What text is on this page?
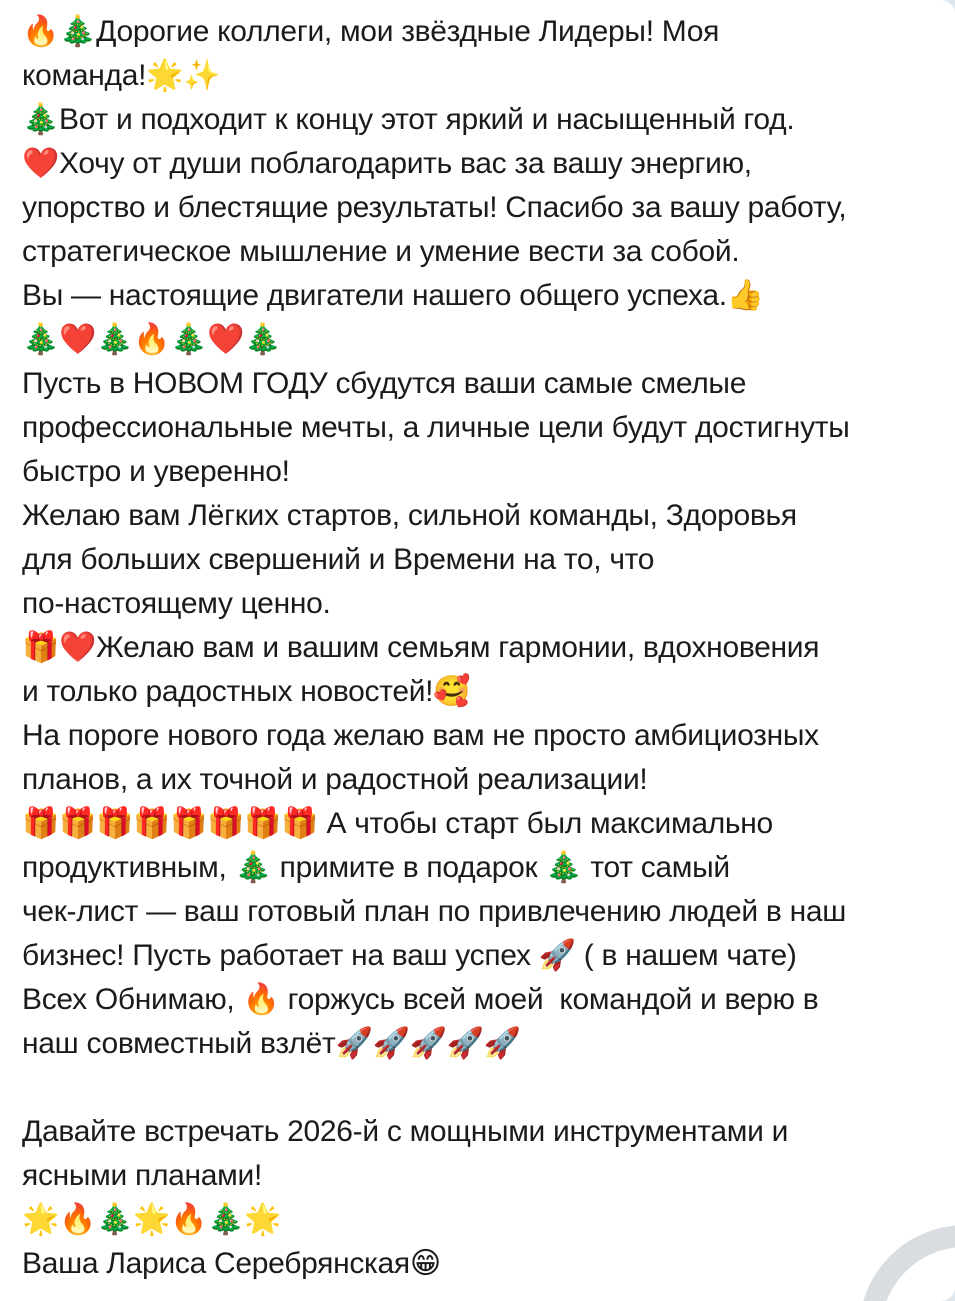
🔥🎄Дорогие коллеги, мои звёздные Лидеры! Моя
команда!🌟✨
🎄Вот и подходит к концу этот яркий и насыщенный год.
❤️Хочу от души поблагодарить вас за вашу энергию,
упорство и блестящие результаты! Спасибо за вашу работу,
стратегическое мышление и умение вести за собой.
Вы — настоящие двигатели нашего общего успеха.👍
🎄❤️🎄🔥🎄❤️🎄
Пусть в НОВОМ ГОДУ сбудутся ваши самые смелые
профессиональные мечты, а личные цели будут достигнуты
быстро и уверенно!
Желаю вам Лёгких стартов, сильной команды, Здоровья
для больших свершений и Времени на то, что
по-настоящему ценно.
🎁❤️Желаю вам и вашим семьям гармонии, вдохновения
и только радостных новостей!🥰
На пороге нового года желаю вам не просто амбициозных
планов, а их точной и радостной реализации!
🎁🎁🎁🎁🎁🎁🎁🎁 А чтобы старт был максимально
продуктивным, 🎄 примите в подарок 🎄 тот самый
чек-лист — ваш готовый план по привлечению людей в наш
бизнес! Пусть работает на ваш успех 🚀 ( в нашем чате)
Всех Обнимаю, 🔥 горжусь всей моей  командой и верю в
наш совместный взлёт🚀🚀🚀🚀🚀
Давайте встречать 2026-й с мощными инструментами и
ясными планами!
🌟🔥🎄🌟🔥🎄🌟
Ваша Лариса Серебрянская😁
